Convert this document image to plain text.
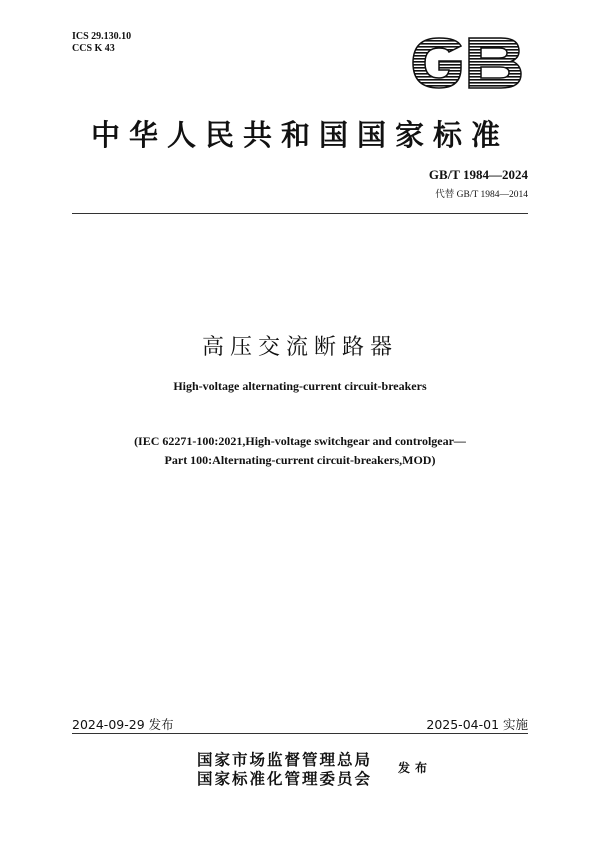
ICS 29.130.10
CCS K 43
中华人民共和国国家标准
GB/T 1984—2024
代替 GB/T 1984—2014
高压交流断路器
High-voltage alternating-current circuit-breakers
(IEC 62271-100:2021,High-voltage switchgear and controlgear—
Part 100:Alternating-current circuit-breakers,MOD)
2024-09-29 发布	2025-04-01 实施
国家市场监督管理总局
国家标准化管理委员会
发布
